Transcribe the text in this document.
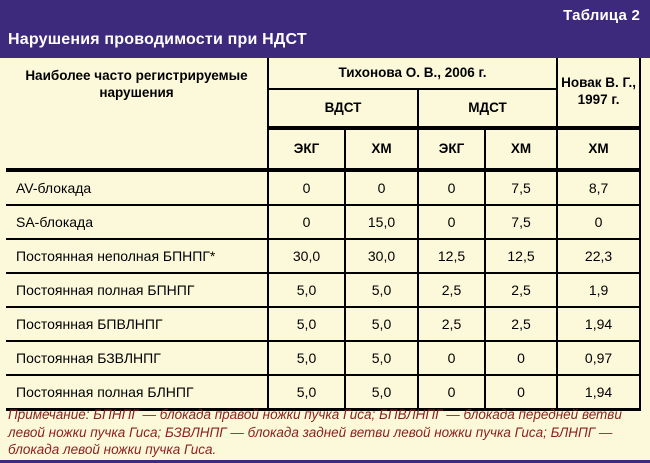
Таблица 2
Нарушения проводимости при НДСТ
Наиболее часто регистрируемые нарушения	Тихонова О. В., 2006 г.				Новак В. Г., 1997 г.
	ВДСТ		МДСТ		
	ЭКГ	ХМ	ЭКГ	ХМ	ХМ
AV-блокада	0	0	0	7,5	8,7
SA-блокада	0	15,0	0	7,5	0
Постоянная неполная БПНПГ*	30,0	30,0	12,5	12,5	22,3
Постоянная полная БПНПГ	5,0	5,0	2,5	2,5	1,9
Постоянная БПВЛНПГ	5,0	5,0	2,5	2,5	1,94
Постоянная БЗВЛНПГ	5,0	5,0	0	0	0,97
Постоянная полная БЛНПГ	5,0	5,0	0	0	1,94
Примечание: БПНПГ — блокада правой ножки пучка Гиса; БПВЛНПГ — блокада передней ветви левой ножки пучка Гиса; БЗВЛНПГ — блокада задней ветви левой ножки пучка Гиса; БЛНПГ — блокада левой ножки пучка Гиса.
